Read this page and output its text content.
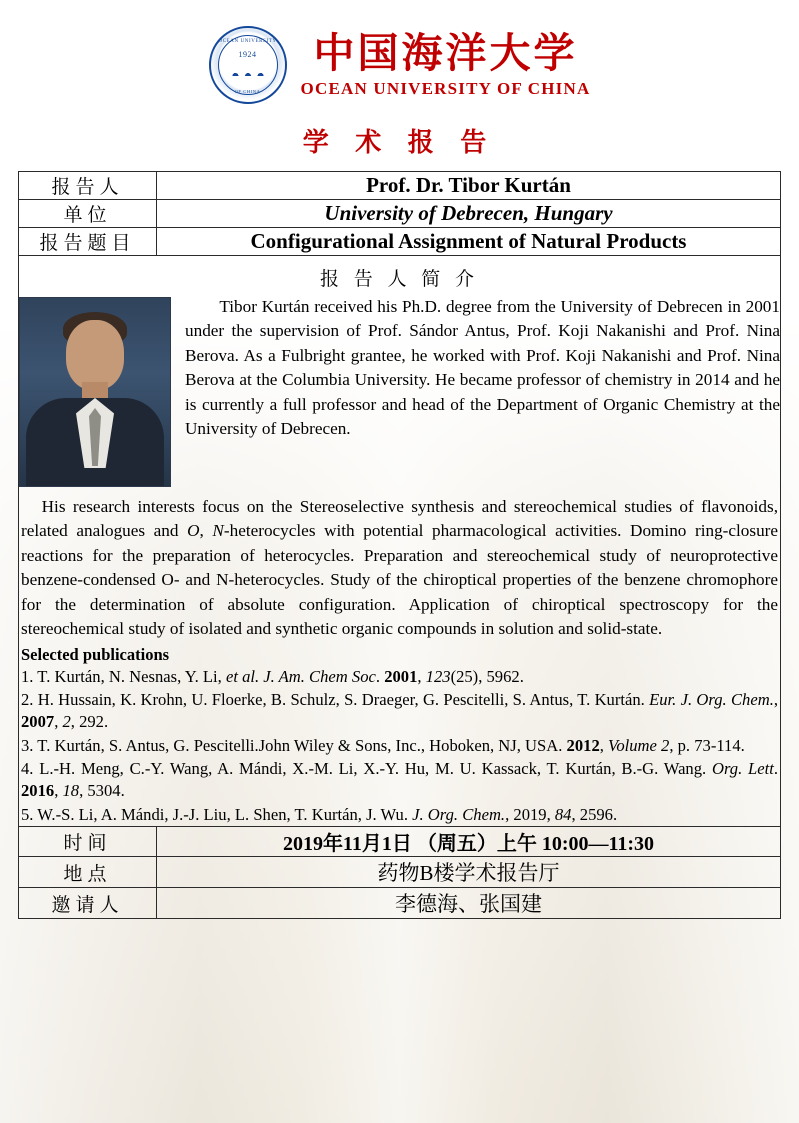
OCEAN UNIVERSITY
1924
OF CHINA
中国海洋大学
OCEAN UNIVERSITY OF CHINA
学 术 报 告
报告人	Prof. Dr. Tibor Kurtán
单位	University of Debrecen, Hungary
报告题目	Configurational Assignment of Natural Products

报 告 人 简 介
Tibor Kurtán received his Ph.D. degree from the University of Debrecen in 2001 under the supervision of Prof. Sándor Antus, Prof. Koji Nakanishi and Prof. Nina Berova. As a Fulbright grantee, he worked with Prof. Koji Nakanishi and Prof. Nina Berova at the Columbia University. He became professor of chemistry in 2014 and he is currently a full professor and head of the Department of Organic Chemistry at the University of Debrecen.

His research interests focus on the Stereoselective synthesis and stereochemical studies of flavonoids, related analogues and O, N-heterocycles with potential pharmacological activities. Domino ring-closure reactions for the preparation of heterocycles. Preparation and stereochemical study of neuroprotective benzene-condensed O- and N-heterocycles. Study of the chiroptical properties of the benzene chromophore for the determination of absolute configuration. Application of chiroptical spectroscopy for the stereochemical study of isolated and synthetic organic compounds in solution and solid-state.

Selected publications
1. T. Kurtán, N. Nesnas, Y. Li, et al. J. Am. Chem Soc. 2001, 123(25), 5962.
2. H. Hussain, K. Krohn, U. Floerke, B. Schulz, S. Draeger, G. Pescitelli, S. Antus, T. Kurtán. Eur. J. Org. Chem., 2007, 2, 292.
3. T. Kurtán, S. Antus, G. Pescitelli.John Wiley & Sons, Inc., Hoboken, NJ, USA. 2012, Volume 2, p. 73-114.
4. L.-H. Meng, C.-Y. Wang, A. Mándi, X.-M. Li, X.-Y. Hu, M. U. Kassack, T. Kurtán, B.-G. Wang. Org. Lett. 2016, 18, 5304.
5. W.-S. Li, A. Mándi, J.-J. Liu, L. Shen, T. Kurtán, J. Wu. J. Org. Chem., 2019, 84, 2596.

时间	2019年11月1日 （周五）上午 10:00—11:30
地点	药物B楼学术报告厅
邀请人	李德海、张国建
